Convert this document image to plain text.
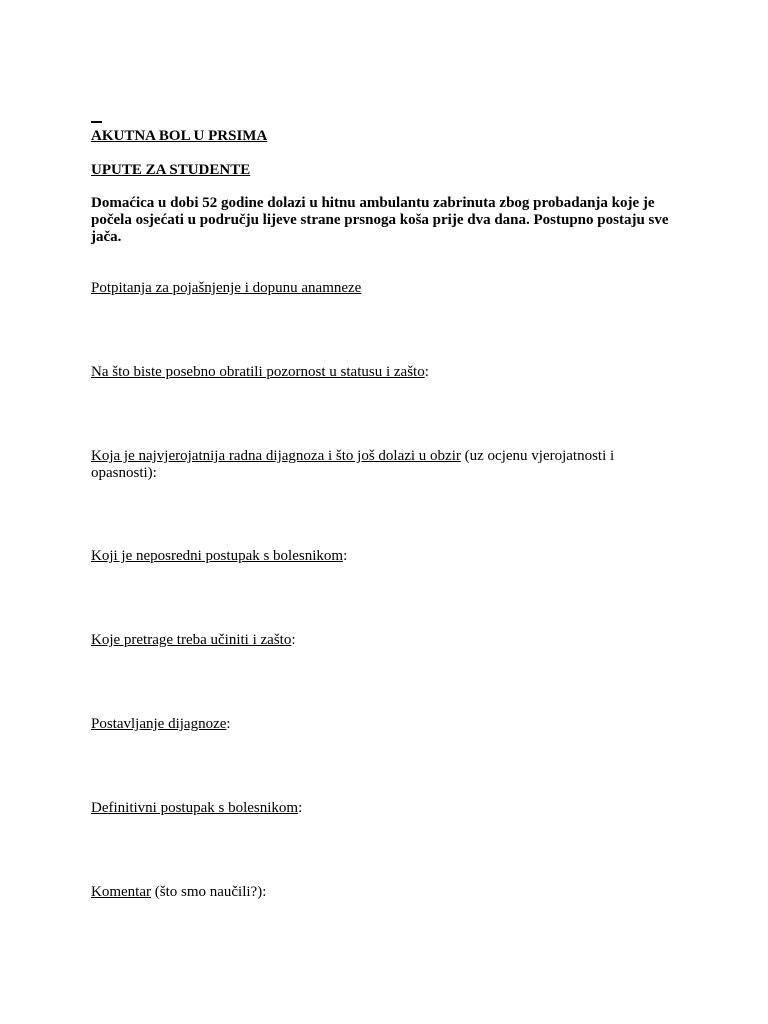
AKUTNA BOL U PRSIMA
UPUTE ZA STUDENTE
Domaćica u dobi 52 godine dolazi u hitnu ambulantu zabrinuta zbog probadanja koje je počela osjećati u području lijeve strane prsnoga koša prije dva dana. Postupno postaju sve jača.
Potpitanja za pojašnjenje i dopunu anamneze
Na što biste posebno obratili pozornost u statusu i zašto:
Koja je najvjerojatnija radna dijagnoza i što još dolazi u obzir (uz ocjenu vjerojatnosti i opasnosti):
Koji je neposredni postupak s bolesnikom:
Koje pretrage treba učiniti i zašto:
Postavljanje dijagnoze:
Definitivni postupak s bolesnikom:
Komentar (što smo naučili?):
